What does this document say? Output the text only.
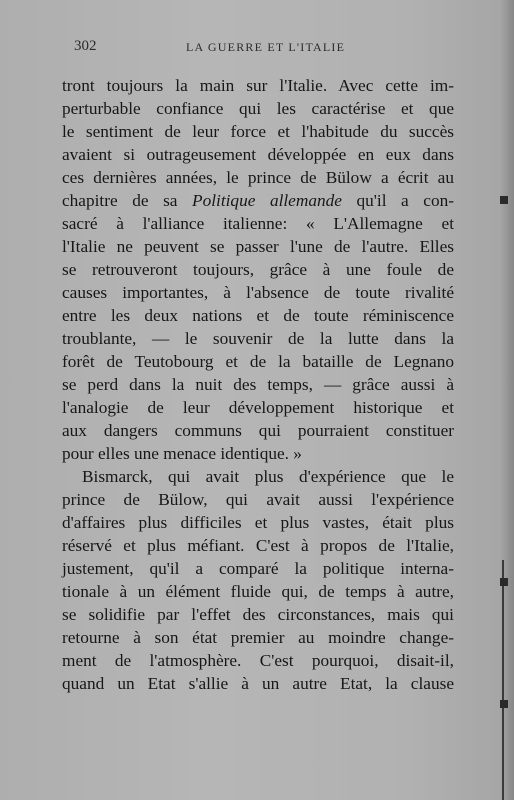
302	LA GUERRE ET L'ITALIE
tront toujours la main sur l'Italie. Avec cette im-
perturbable confiance qui les caractérise et que
le sentiment de leur force et l'habitude du succès
avaient si outrageusement développée en eux dans
ces dernières années, le prince de Bülow a écrit au
chapitre de sa Politique allemande qu'il a con-
sacré à l'alliance italienne: « L'Allemagne et
l'Italie ne peuvent se passer l'une de l'autre. Elles
se retrouveront toujours, grâce à une foule de
causes importantes, à l'absence de toute rivalité
entre les deux nations et de toute réminiscence
troublante, — le souvenir de la lutte dans la
forêt de Teutobourg et de la bataille de Legnano
se perd dans la nuit des temps, — grâce aussi à
l'analogie de leur développement historique et
aux dangers communs qui pourraient constituer
pour elles une menace identique. »
Bismarck, qui avait plus d'expérience que le
prince de Bülow, qui avait aussi l'expérience
d'affaires plus difficiles et plus vastes, était plus
réservé et plus méfiant. C'est à propos de l'Italie,
justement, qu'il a comparé la politique interna-
tionale à un élément fluide qui, de temps à autre,
se solidifie par l'effet des circonstances, mais qui
retourne à son état premier au moindre change-
ment de l'atmosphère. C'est pourquoi, disait-il,
quand un Etat s'allie à un autre Etat, la clause
